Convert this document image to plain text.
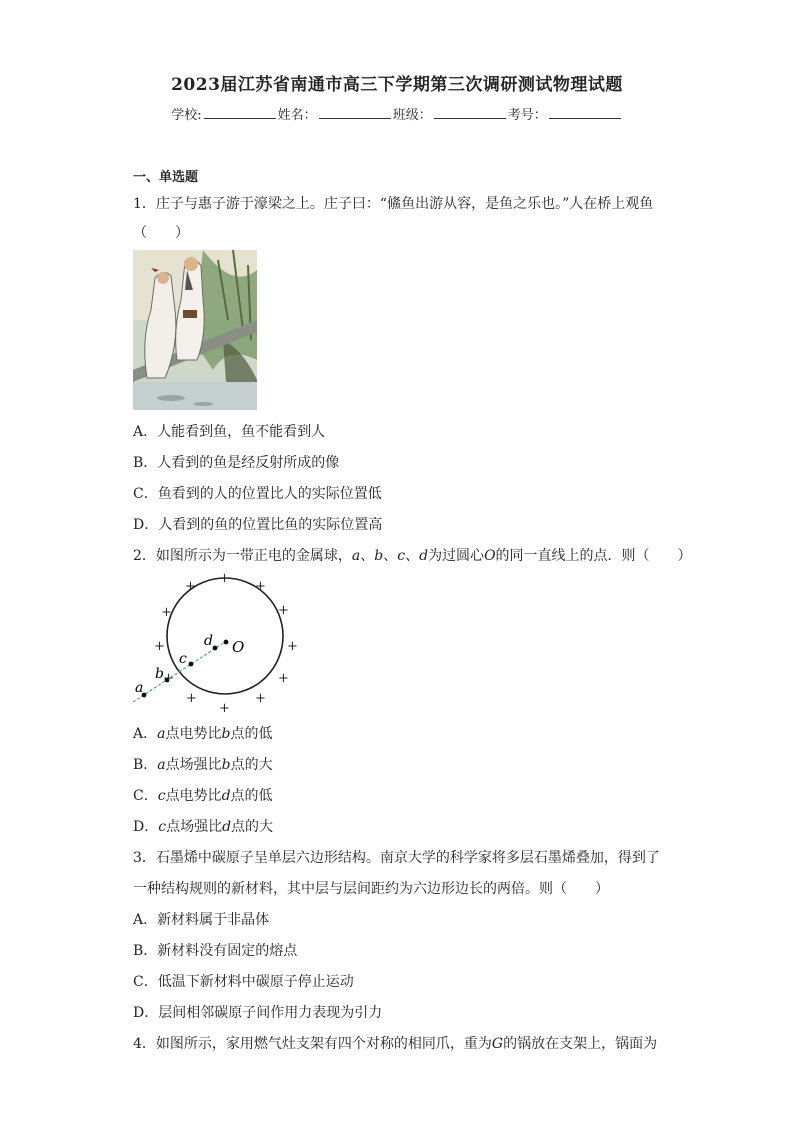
2023届江苏省南通市高三下学期第三次调研测试物理试题
学校:	姓名：	班级：	考号：
一、单选题
1．庄子与惠子游于濠梁之上。庄子曰：“鯈鱼出游从容，是鱼之乐也。”人在桥上观鱼
（　　）
A．人能看到鱼，鱼不能看到人
B．人看到的鱼是经反射所成的像
C．鱼看到的人的位置比人的实际位置低
D．人看到的鱼的位置比鱼的实际位置高
2．如图所示为一带正电的金属球，a、b、c、d为过圆心O的同一直线上的点．则（　　）
a
b
c
d O
+
+
+
+
+
+
+
+
+
+
+
+
A．a点电势比b点的低
B．a点场强比b点的大
C．c点电势比d点的低
D．c点场强比d点的大
3．石墨烯中碳原子呈单层六边形结构。南京大学的科学家将多层石墨烯叠加，得到了
一种结构规则的新材料，其中层与层间距约为六边形边长的两倍。则（　　）
A．新材料属于非晶体
B．新材料没有固定的熔点
C．低温下新材料中碳原子停止运动
D．层间相邻碳原子间作用力表现为引力
4．如图所示，家用燃气灶支架有四个对称的相同爪，重为G的锅放在支架上，锅面为
